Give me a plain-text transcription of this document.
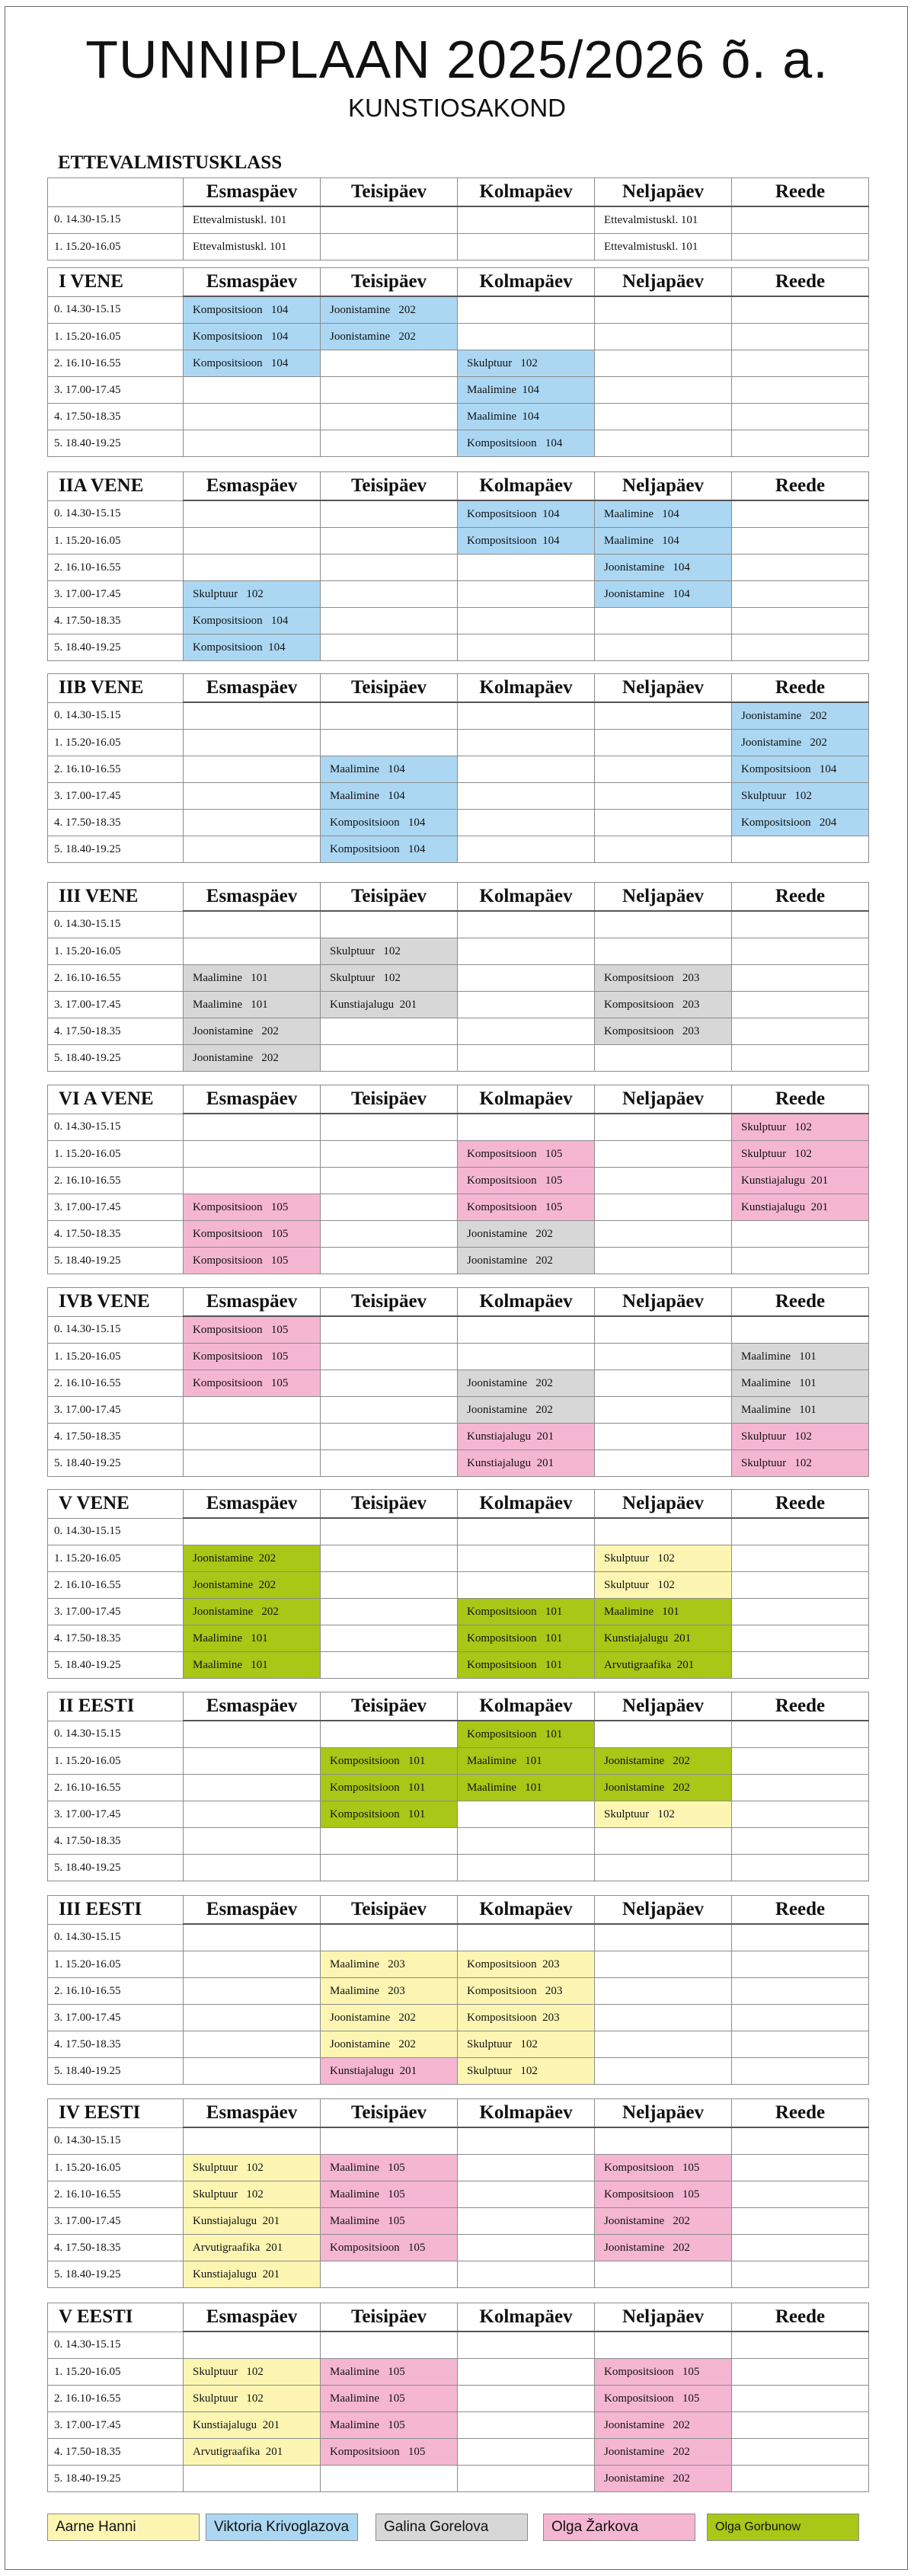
TUNNIPLAAN 2025/2026 õ. a.
KUNSTIOSAKOND
	Esmaspäev	Teisipäev	Kolmapäev	Neljapäev	Reede
0. 14.30-15.15	Ettevalmistuskl. 101			Ettevalmistuskl. 101	
1. 15.20-16.05	Ettevalmistuskl. 101			Ettevalmistuskl. 101	
ETTEVALMISTUSKLASS
I VENE	Esmaspäev	Teisipäev	Kolmapäev	Neljapäev	Reede
0. 14.30-15.15	Kompositsioon   104	Joonistamine   202			
1. 15.20-16.05	Kompositsioon   104	Joonistamine   202			
2. 16.10-16.55	Kompositsioon   104		Skulptuur   102		
3. 17.00-17.45			Maalimine  104		
4. 17.50-18.35			Maalimine  104		
5. 18.40-19.25			Kompositsioon   104		
IIA VENE	Esmaspäev	Teisipäev	Kolmapäev	Neljapäev	Reede
0. 14.30-15.15			Kompositsioon  104	Maalimine   104	
1. 15.20-16.05			Kompositsioon  104	Maalimine   104	
2. 16.10-16.55				Joonistamine   104	
3. 17.00-17.45	Skulptuur   102			Joonistamine   104	
4. 17.50-18.35	Kompositsioon   104				
5. 18.40-19.25	Kompositsioon  104				
IIB VENE	Esmaspäev	Teisipäev	Kolmapäev	Neljapäev	Reede
0. 14.30-15.15					Joonistamine   202
1. 15.20-16.05					Joonistamine   202
2. 16.10-16.55		Maalimine   104			Kompositsioon   104
3. 17.00-17.45		Maalimine   104			Skulptuur   102
4. 17.50-18.35		Kompositsioon   104			Kompositsioon   204
5. 18.40-19.25		Kompositsioon   104			
III VENE	Esmaspäev	Teisipäev	Kolmapäev	Neljapäev	Reede
0. 14.30-15.15					
1. 15.20-16.05		Skulptuur   102			
2. 16.10-16.55	Maalimine   101	Skulptuur   102		Kompositsioon   203	
3. 17.00-17.45	Maalimine   101	Kunstiajalugu  201		Kompositsioon   203	
4. 17.50-18.35	Joonistamine   202			Kompositsioon   203	
5. 18.40-19.25	Joonistamine   202				
VI A VENE	Esmaspäev	Teisipäev	Kolmapäev	Neljapäev	Reede
0. 14.30-15.15					Skulptuur   102
1. 15.20-16.05			Kompositsioon   105		Skulptuur   102
2. 16.10-16.55			Kompositsioon   105		Kunstiajalugu  201
3. 17.00-17.45	Kompositsioon   105		Kompositsioon   105		Kunstiajalugu  201
4. 17.50-18.35	Kompositsioon   105		Joonistamine   202		
5. 18.40-19.25	Kompositsioon   105		Joonistamine   202		
IVB VENE	Esmaspäev	Teisipäev	Kolmapäev	Neljapäev	Reede
0. 14.30-15.15	Kompositsioon   105				
1. 15.20-16.05	Kompositsioon   105				Maalimine   101
2. 16.10-16.55	Kompositsioon   105		Joonistamine   202		Maalimine   101
3. 17.00-17.45			Joonistamine   202		Maalimine   101
4. 17.50-18.35			Kunstiajalugu  201		Skulptuur   102
5. 18.40-19.25			Kunstiajalugu  201		Skulptuur   102
V VENE	Esmaspäev	Teisipäev	Kolmapäev	Neljapäev	Reede
0. 14.30-15.15					
1. 15.20-16.05	Joonistamine  202			Skulptuur   102	
2. 16.10-16.55	Joonistamine  202			Skulptuur   102	
3. 17.00-17.45	Joonistamine   202		Kompositsioon   101	Maalimine   101	
4. 17.50-18.35	Maalimine   101		Kompositsioon   101	Kunstiajalugu  201	
5. 18.40-19.25	Maalimine   101		Kompositsioon   101	Arvutigraafika  201	
II EESTI	Esmaspäev	Teisipäev	Kolmapäev	Neljapäev	Reede
0. 14.30-15.15			Kompositsioon   101		
1. 15.20-16.05		Kompositsioon   101	Maalimine   101	Joonistamine   202	
2. 16.10-16.55		Kompositsioon   101	Maalimine   101	Joonistamine   202	
3. 17.00-17.45		Kompositsioon   101		Skulptuur   102	
4. 17.50-18.35					
5. 18.40-19.25					
III EESTI	Esmaspäev	Teisipäev	Kolmapäev	Neljapäev	Reede
0. 14.30-15.15					
1. 15.20-16.05		Maalimine   203	Kompositsioon  203		
2. 16.10-16.55		Maalimine   203	Kompositsioon   203		
3. 17.00-17.45		Joonistamine   202	Kompositsioon  203		
4. 17.50-18.35		Joonistamine   202	Skulptuur   102		
5. 18.40-19.25		Kunstiajalugu  201	Skulptuur   102		
IV EESTI	Esmaspäev	Teisipäev	Kolmapäev	Neljapäev	Reede
0. 14.30-15.15					
1. 15.20-16.05	Skulptuur   102	Maalimine   105		Kompositsioon   105	
2. 16.10-16.55	Skulptuur   102	Maalimine   105		Kompositsioon   105	
3. 17.00-17.45	Kunstiajalugu  201	Maalimine   105		Joonistamine   202	
4. 17.50-18.35	Arvutigraafika  201	Kompositsioon   105		Joonistamine   202	
5. 18.40-19.25	Kunstiajalugu  201				
V EESTI	Esmaspäev	Teisipäev	Kolmapäev	Neljapäev	Reede
0. 14.30-15.15					
1. 15.20-16.05	Skulptuur   102	Maalimine   105		Kompositsioon   105	
2. 16.10-16.55	Skulptuur   102	Maalimine   105		Kompositsioon   105	
3. 17.00-17.45	Kunstiajalugu  201	Maalimine   105		Joonistamine   202	
4. 17.50-18.35	Arvutigraafika  201	Kompositsioon   105		Joonistamine   202	
5. 18.40-19.25				Joonistamine   202	
Aarne Hanni	Viktoria Krivoglazova	Galina Gorelova	Olga Žarkova	Olga Gorbunow
